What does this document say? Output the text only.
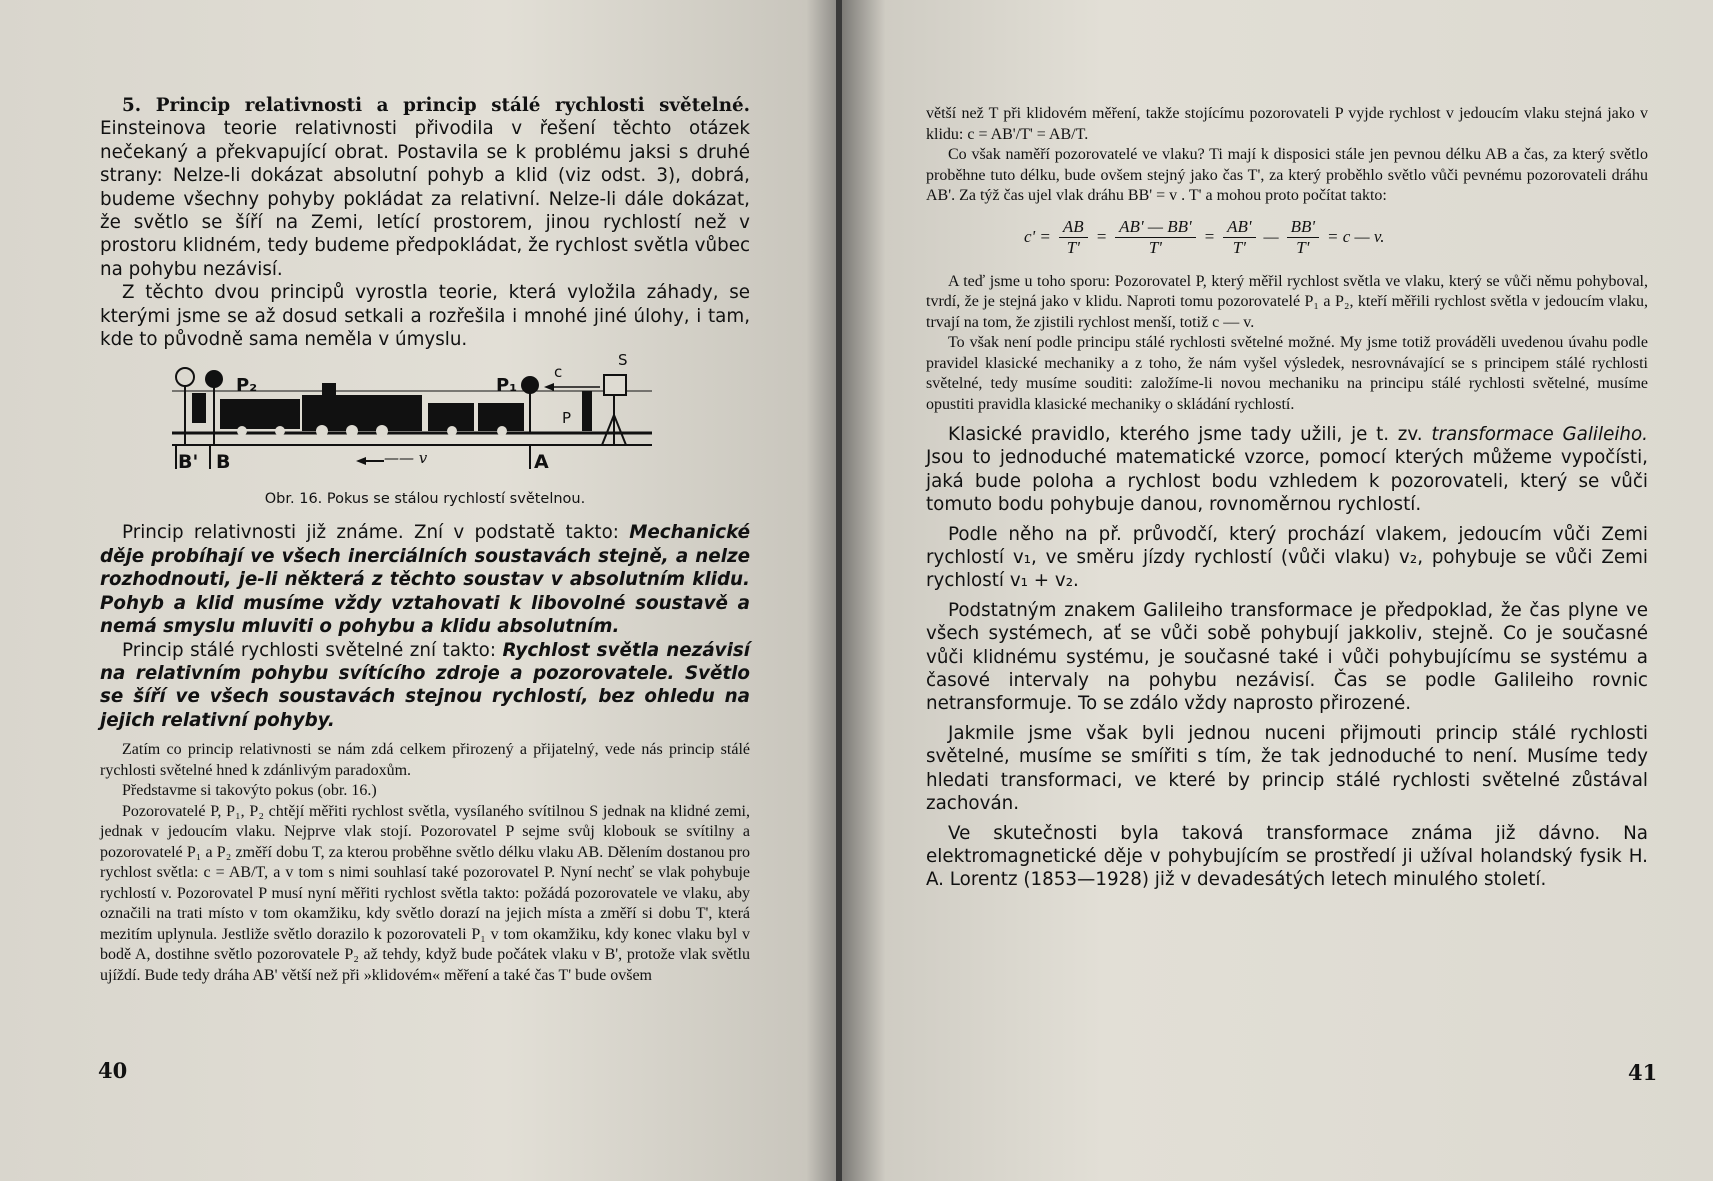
5. Princip relativnosti a princip stálé rychlosti světelné. Einsteinova teorie relativnosti přivodila v řešení těchto otázek nečekaný a překvapující obrat. Postavila se k problému jaksi s druhé strany: Nelze-li dokázat absolutní pohyb a klid (viz odst. 3), dobrá, budeme všechny pohyby pokládat za relativní. Nelze-li dále dokázat, že světlo se šíří na Zemi, letící prostorem, jinou rychlostí než v prostoru klidném, tedy budeme předpokládat, že rychlost světla vůbec na pohybu nezávisí.

Z těchto dvou principů vyrostla teorie, která vyložila záhady, se kterými jsme se až dosud setkali a rozřešila i mnohé jiné úlohy, i tam, kde to původně sama neměla v úmyslu.

P₂	P₁
c
S
P
B' B	A
—— v
Obr. 16. Pokus se stálou rychlostí světelnou.

Princip relativnosti již známe. Zní v podstatě takto: Mechanické děje probíhají ve všech inerciálních soustavách stejně, a nelze rozhodnouti, je-li některá z těchto soustav v absolutním klidu. Pohyb a klid musíme vždy vztahovati k libovolné soustavě a nemá smyslu mluviti o pohybu a klidu absolutním.

Princip stálé rychlosti světelné zní takto: Rychlost světla nezávisí na relativním pohybu svítícího zdroje a pozorovatele. Světlo se šíří ve všech soustavách stejnou rychlostí, bez ohledu na jejich relativní pohyby.

Zatím co princip relativnosti se nám zdá celkem přirozený a přijatelný, vede nás princip stálé rychlosti světelné hned k zdánlivým paradoxům.

Představme si takovýto pokus (obr. 16.)

Pozorovatelé P, P₁, P₂ chtějí měřiti rychlost světla, vysílaného svítilnou S jednak na klidné zemi, jednak v jedoucím vlaku. Nejprve vlak stojí. Pozorovatel P sejme svůj klobouk se svítilny a pozorovatelé P₁ a P₂ změří dobu T, za kterou proběhne světlo délku vlaku AB. Dělením dostanou pro rychlost světla: c = AB/T, a v tom s nimi souhlasí také pozorovatel P. Nyní nechť se vlak pohybuje rychlostí v. Pozorovatel P musí nyní měřiti rychlost světla takto: požádá pozorovatele ve vlaku, aby označili na trati místo v tom okamžiku, kdy světlo dorazí na jejich místa a změří si dobu T', která mezitím uplynula. Jestliže světlo dorazilo k pozorovateli P₁ v tom okamžiku, kdy konec vlaku byl v bodě A, dostihne světlo pozorovatele P₂ až tehdy, když bude počátek vlaku v B', protože vlak světlu ujíždí. Bude tedy dráha AB' větší než při »klidovém« měření a také čas T' bude ovšem

40

větší než T při klidovém měření, takže stojícímu pozorovateli P vyjde rychlost v jedoucím vlaku stejná jako v klidu: c = AB'/T' = AB/T.

Co však naměří pozorovatelé ve vlaku? Ti mají k disposici stále jen pevnou délku AB a čas, za který světlo proběhne tuto délku, bude ovšem stejný jako čas T', za který proběhlo světlo vůči pevnému pozorovateli dráhu AB'. Za týž čas ujel vlak dráhu BB' = v . T' a mohou proto počítat takto:

$c' = \frac{AB}{T'} = \frac{AB' — BB'}{T'} = \frac{AB'}{T'}$ — $\frac{BB'}{T'} = c$ — v.

A teď jsme u toho sporu: Pozorovatel P, který měřil rychlost světla ve vlaku, který se vůči němu pohyboval, tvrdí, že je stejná jako v klidu. Naproti tomu pozorovatelé P₁ a P₂, kteří měřili rychlost světla v jedoucím vlaku, trvají na tom, že zjistili rychlost menší, totiž c — v.

To však není podle principu stálé rychlosti světelné možné. My jsme totiž prováděli uvedenou úvahu podle pravidel klasické mechaniky a z toho, že nám vyšel výsledek, nesrovnávající se s principem stálé rychlosti světelné, tedy musíme souditi: založíme-li novou mechaniku na principu stálé rychlosti světelné, musíme opustiti pravidla klasické mechaniky o skládání rychlostí.

Klasické pravidlo, kterého jsme tady užili, je t. zv. transformace Galileiho. Jsou to jednoduché matematické vzorce, pomocí kterých můžeme vypočísti, jaká bude poloha a rychlost bodu vzhledem k pozorovateli, který se vůči tomuto bodu pohybuje danou, rovnoměrnou rychlostí.

Podle něho na př. průvodčí, který prochází vlakem, jedoucím vůči Zemi rychlostí v₁, ve směru jízdy rychlostí (vůči vlaku) v₂, pohybuje se vůči Zemi rychlostí v₁ + v₂.

Podstatným znakem Galileiho transformace je předpoklad, že čas plyne ve všech systémech, ať se vůči sobě pohybují jakkoliv, stejně. Co je současné vůči klidnému systému, je současné také i vůči pohybujícímu se systému a časové intervaly na pohybu nezávisí. Čas se podle Galileiho rovnic netransformuje. To se zdálo vždy naprosto přirozené.

Jakmile jsme však byli jednou nuceni přijmouti princip stálé rychlosti světelné, musíme se smířiti s tím, že tak jednoduché to není. Musíme tedy hledati transformaci, ve které by princip stálé rychlosti světelné zůstával zachován.

Ve skutečnosti byla taková transformace známa již dávno. Na elektromagnetické děje v pohybujícím se prostředí ji užíval holandský fysik H. A. Lorentz (1853—1928) již v devadesátých letech minulého století.

41
